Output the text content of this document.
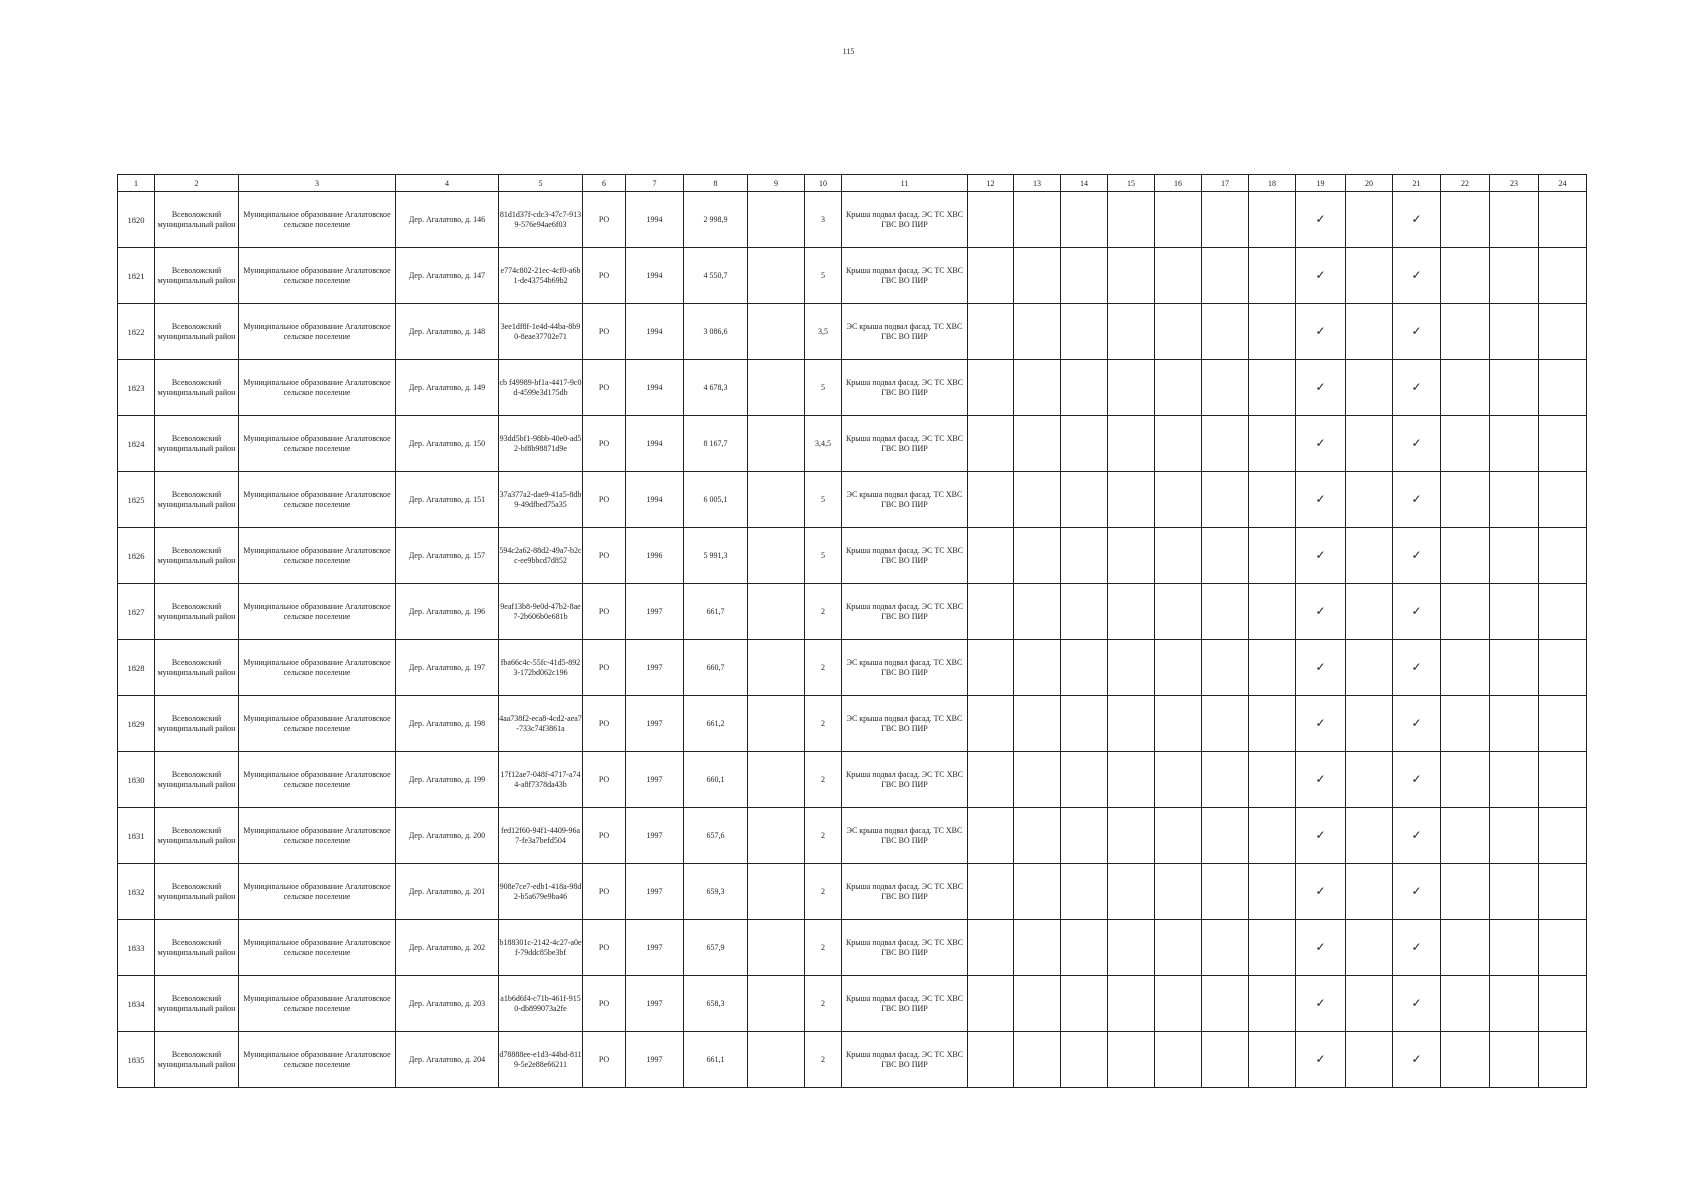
115
1	2	3	4	5	6	7	8	9	10	11	12	13	14	15	16	17	18	19	20	21	22	23	24
1820	Всеволожский муниципальный район	Муниципальное образование Агалатовское сельское поселение	Дер. Агалатово, д. 146	81d1d37f-cdc3-47c7-9139-576e94ae6f03	РО	1994	2 998,9		3	Крыша подвал фасад. ЭС ТС ХВС ГВС ВО ПИР								✓		✓			
1821	Всеволожский муниципальный район	Муниципальное образование Агалатовское сельское поселение	Дер. Агалатово, д. 147	e774c802-21ec-4cf0-a6b1-de43754b69b2	РО	1994	4 550,7		5	Крыша подвал фасад. ЭС ТС ХВС ГВС ВО ПИР								✓		✓			
1822	Всеволожский муниципальный район	Муниципальное образование Агалатовское сельское поселение	Дер. Агалатово, д. 148	3ee1df8f-1e4d-44ba-8b90-8eae37702e71	РО	1994	3 086,6		3,5	ЭС крыша подвал фасад. ТС ХВС ГВС ВО ПИР								✓		✓			
1823	Всеволожский муниципальный район	Муниципальное образование Агалатовское сельское поселение	Дер. Агалатово, д. 149	cb f49989-bf1a-4417-9c0d-4599e3d175db	РО	1994	4 678,3		5	Крыша подвал фасад. ЭС ТС ХВС ГВС ВО ПИР								✓		✓			
1824	Всеволожский муниципальный район	Муниципальное образование Агалатовское сельское поселение	Дер. Агалатово, д. 150	93dd5bf1-98bb-40e0-ad52-bf8b98871d9e	РО	1994	8 167,7		3,4,5	Крыша подвал фасад. ЭС ТС ХВС ГВС ВО ПИР								✓		✓			
1825	Всеволожский муниципальный район	Муниципальное образование Агалатовское сельское поселение	Дер. Агалатово, д. 151	37a377a2-dae9-41a5-8db9-49dfbed75a35	РО	1994	6 005,1		5	ЭС крыша подвал фасад. ТС ХВС ГВС ВО ПИР								✓		✓			
1826	Всеволожский муниципальный район	Муниципальное образование Агалатовское сельское поселение	Дер. Агалатово, д. 157	594c2a62-88d2-49a7-b2cc-ee9bbcd7d852	РО	1996	5 991,3		5	Крыша подвал фасад. ЭС ТС ХВС ГВС ВО ПИР								✓		✓			
1827	Всеволожский муниципальный район	Муниципальное образование Агалатовское сельское поселение	Дер. Агалатово, д. 196	9eaf13b8-9e0d-47b2-8ae7-2b606b0e681b	РО	1997	661,7		2	Крыша подвал фасад. ЭС ТС ХВС ГВС ВО ПИР								✓		✓			
1828	Всеволожский муниципальный район	Муниципальное образование Агалатовское сельское поселение	Дер. Агалатово, д. 197	fba66c4c-55fc-41d5-8923-172bd062c196	РО	1997	660,7		2	ЭС крыша подвал фасад. ТС ХВС ГВС ВО ПИР								✓		✓			
1829	Всеволожский муниципальный район	Муниципальное образование Агалатовское сельское поселение	Дер. Агалатово, д. 198	4aa738f2-eca8-4cd2-aea7-733c74f3861a	РО	1997	661,2		2	ЭС крыша подвал фасад. ТС ХВС ГВС ВО ПИР								✓		✓			
1830	Всеволожский муниципальный район	Муниципальное образование Агалатовское сельское поселение	Дер. Агалатово, д. 199	17f12ae7-048f-4717-a744-a8f7378da43b	РО	1997	660,1		2	Крыша подвал фасад. ЭС ТС ХВС ГВС ВО ПИР								✓		✓			
1831	Всеволожский муниципальный район	Муниципальное образование Агалатовское сельское поселение	Дер. Агалатово, д. 200	fed12f60-94f1-4409-96a7-fe3a7befd504	РО	1997	657,6		2	ЭС крыша подвал фасад. ТС ХВС ГВС ВО ПИР								✓		✓			
1832	Всеволожский муниципальный район	Муниципальное образование Агалатовское сельское поселение	Дер. Агалатово, д. 201	908e7ce7-edb1-418a-98d2-b5a679e9ba46	РО	1997	659,3		2	Крыша подвал фасад. ЭС ТС ХВС ГВС ВО ПИР								✓		✓			
1833	Всеволожский муниципальный район	Муниципальное образование Агалатовское сельское поселение	Дер. Агалатово, д. 202	b188301c-2142-4c27-a0ef-79ddc85be3bf	РО	1997	657,9		2	Крыша подвал фасад. ЭС ТС ХВС ГВС ВО ПИР								✓		✓			
1834	Всеволожский муниципальный район	Муниципальное образование Агалатовское сельское поселение	Дер. Агалатово, д. 203	a1b6d6f4-c71b-461f-9150-db899073a2fe	РО	1997	658,3		2	Крыша подвал фасад. ЭС ТС ХВС ГВС ВО ПИР								✓		✓			
1835	Всеволожский муниципальный район	Муниципальное образование Агалатовское сельское поселение	Дер. Агалатово, д. 204	d78888ee-e1d3-44bd-8119-5e2e88e66211	РО	1997	661,1		2	Крыша подвал фасад. ЭС ТС ХВС ГВС ВО ПИР								✓		✓			
